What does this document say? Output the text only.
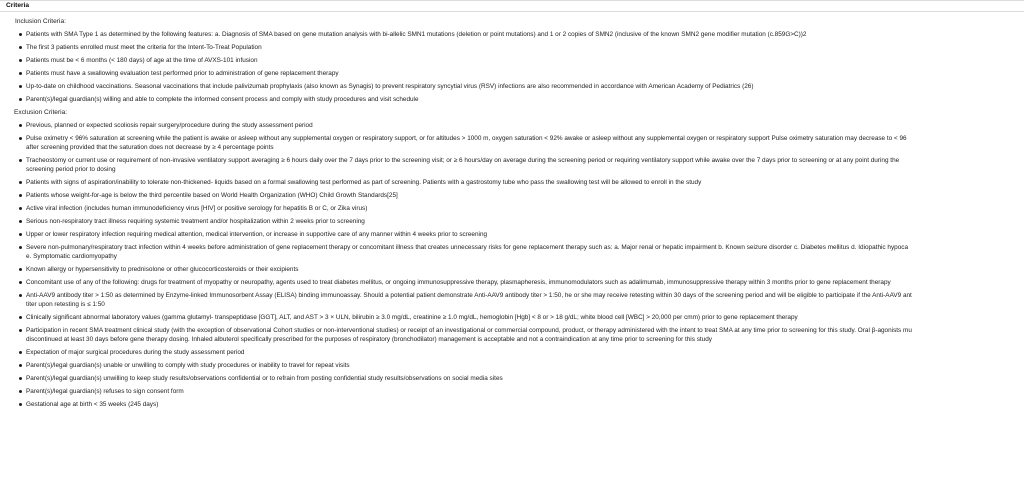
Criteria

Inclusion Criteria:

Patients with SMA Type 1 as determined by the following features: a. Diagnosis of SMA based on gene mutation analysis with bi-allelic SMN1 mutations (deletion or point mutations) and 1 or 2 copies of SMN2 (inclusive of the known SMN2 gene modifier mutation (c.859G>C))2
The first 3 patients enrolled must meet the criteria for the Intent-To-Treat Population
Patients must be < 6 months (< 180 days) of age at the time of AVXS-101 infusion
Patients must have a swallowing evaluation test performed prior to administration of gene replacement therapy
Up-to-date on childhood vaccinations. Seasonal vaccinations that include palivizumab prophylaxis (also known as Synagis) to prevent respiratory syncytial virus (RSV) infections are also recommended in accordance with American Academy of Pediatrics (26)
Parent(s)/legal guardian(s) willing and able to complete the informed consent process and comply with study procedures and visit schedule

Exclusion Criteria:

Previous, planned or expected scoliosis repair surgery/procedure during the study assessment period
Pulse oximetry < 96% saturation at screening while the patient is awake or asleep without any supplemental oxygen or respiratory support, or for altitudes > 1000 m, oxygen saturation < 92% awake or asleep without any supplemental oxygen or respiratory support Pulse oximetry saturation may decrease to < 96
after screening provided that the saturation does not decrease by ≥ 4 percentage points
Tracheostomy or current use or requirement of non-invasive ventilatory support averaging ≥ 6 hours daily over the 7 days prior to the screening visit; or ≥ 6 hours/day on average during the screening period or requiring ventilatory support while awake over the 7 days prior to screening or at any point during the
screening period prior to dosing
Patients with signs of aspiration/inability to tolerate non-thickened- liquids based on a formal swallowing test performed as part of screening. Patients with a gastrostomy tube who pass the swallowing test will be allowed to enroll in the study
Patients whose weight-for-age is below the third percentile based on World Health Organization (WHO) Child Growth Standards[25]
Active viral infection (includes human immunodeficiency virus [HIV] or positive serology for hepatitis B or C, or Zika virus)
Serious non-respiratory tract illness requiring systemic treatment and/or hospitalization within 2 weeks prior to screening
Upper or lower respiratory infection requiring medical attention, medical intervention, or increase in supportive care of any manner within 4 weeks prior to screening
Severe non-pulmonary/respiratory tract infection within 4 weeks before administration of gene replacement therapy or concomitant illness that creates unnecessary risks for gene replacement therapy such as: a. Major renal or hepatic impairment b. Known seizure disorder c. Diabetes mellitus d. Idiopathic hypoca
e. Symptomatic cardiomyopathy
Known allergy or hypersensitivity to prednisolone or other glucocorticosteroids or their excipients
Concomitant use of any of the following: drugs for treatment of myopathy or neuropathy, agents used to treat diabetes mellitus, or ongoing immunosuppressive therapy, plasmapheresis, immunomodulators such as adalimumab, immunosuppressive therapy within 3 months prior to gene replacement therapy
Anti-AAV9 antibody titer > 1:50 as determined by Enzyme-linked Immunosorbent Assay (ELISA) binding immunoassay. Should a potential patient demonstrate Anti-AAV9 antibody titer > 1:50, he or she may receive retesting within 30 days of the screening period and will be eligible to participate if the Anti-AAV9 ant
titer upon retesting is ≤ 1:50
Clinically significant abnormal laboratory values (gamma glutamyl- transpeptidase [GGT], ALT, and AST > 3 × ULN, bilirubin ≥ 3.0 mg/dL, creatinine ≥ 1.0 mg/dL, hemoglobin [Hgb] < 8 or > 18 g/dL; white blood cell [WBC] > 20,000 per cmm) prior to gene replacement therapy
Participation in recent SMA treatment clinical study (with the exception of observational Cohort studies or non-interventional studies) or receipt of an investigational or commercial compound, product, or therapy administered with the intent to treat SMA at any time prior to screening for this study. Oral β-agonists mu
discontinued at least 30 days before gene therapy dosing. Inhaled albuterol specifically prescribed for the purposes of respiratory (bronchodilator) management is acceptable and not a contraindication at any time prior to screening for this study
Expectation of major surgical procedures during the study assessment period
Parent(s)/legal guardian(s) unable or unwilling to comply with study procedures or inability to travel for repeat visits
Parent(s)/legal guardian(s) unwilling to keep study results/observations confidential or to refrain from posting confidential study results/observations on social media sites
Parent(s)/legal guardian(s) refuses to sign consent form
Gestational age at birth < 35 weeks (245 days)
